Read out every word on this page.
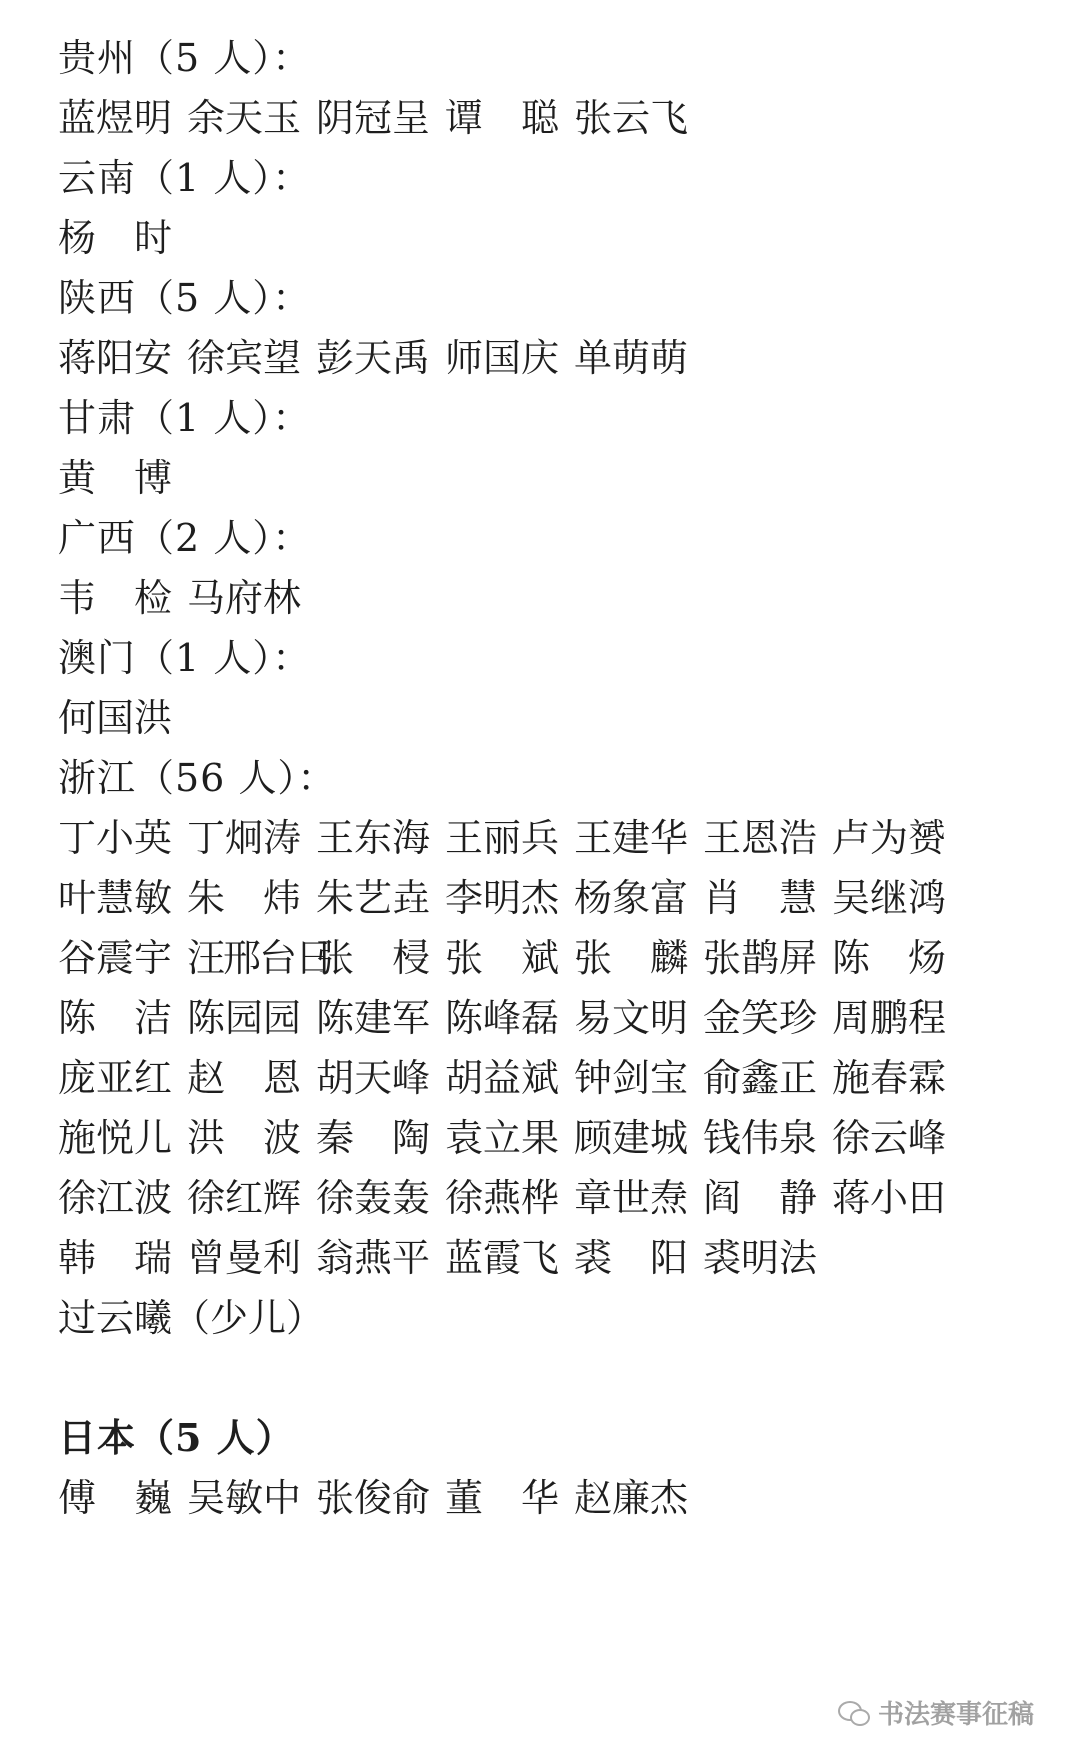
贵州（5 人）：
蓝煜明 余天玉 阴冠呈 谭　聪 张云飞
云南（1 人）：
杨　时
陕西（5 人）：
蒋阳安 徐宾望 彭天禹 师国庆 单萌萌
甘肃（1 人）：
黄　博
广西（2 人）：
韦　检 马府林
澳门（1 人）：
何国洪
浙江（56 人）：
丁小英 丁炯涛 王东海 王丽兵 王建华 王恩浩 卢为赟
叶慧敏 朱　炜 朱艺垚 李明杰 杨象富 肖　慧 吴继鸿
谷震宇 汪邢台日
张　梫 张　斌 张　麟 张鹊屏 陈　炀
陈　洁 陈园园 陈建军 陈峰磊 易文明 金笑珍 周鹏程
庞亚红 赵　恩 胡天峰 胡益斌 钟剑宝 俞鑫正 施春霖
施悦儿 洪　波 秦　陶 袁立果 顾建城 钱伟泉 徐云峰
徐江波 徐红辉 徐轰轰 徐燕桦 章世焘 阎　静 蒋小田
韩　瑞 曾曼利 翁燕平 蓝霞飞 裘　阳 裘明法
过云曦（少儿）
日本（5 人）
傅　巍 吴敏中 张俊俞 董　华 赵廉杰
书法赛事征稿
